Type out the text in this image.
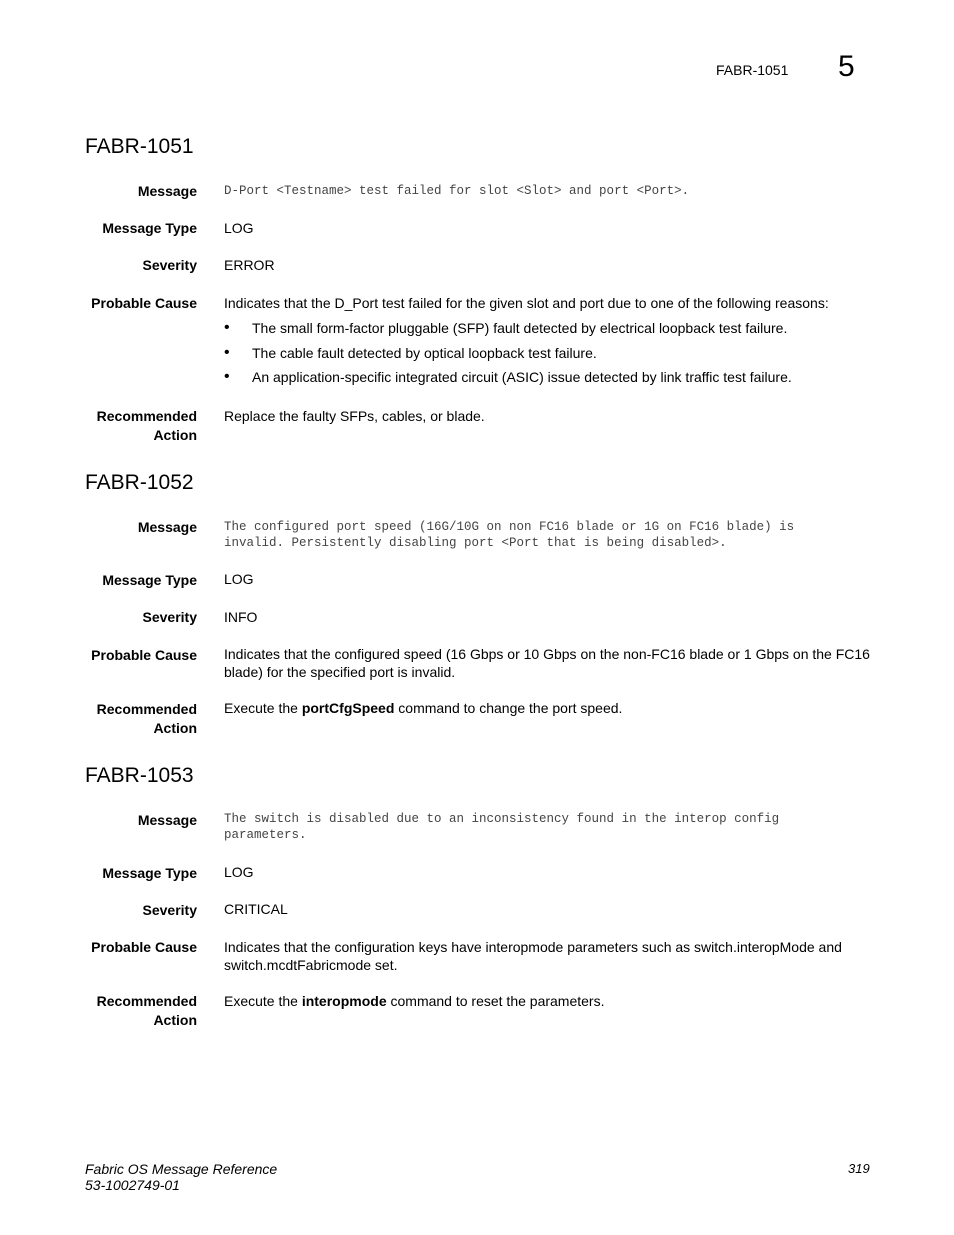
FABR-1051 5
FABR-1051
Message D-Port <Testname> test failed for slot <Slot> and port <Port>.
Message Type LOG
Severity ERROR
Probable Cause Indicates that the D_Port test failed for the given slot and port due to one of the following reasons:
• The small form-factor pluggable (SFP) fault detected by electrical loopback test failure.
• The cable fault detected by optical loopback test failure.
• An application-specific integrated circuit (ASIC) issue detected by link traffic test failure.
Recommended
Action
Replace the faulty SFPs, cables, or blade.
FABR-1052
Message The configured port speed (16G/10G on non FC16 blade or 1G on FC16 blade) is
invalid. Persistently disabling port <Port that is being disabled>.
Message Type LOG
Severity INFO
Probable Cause Indicates that the configured speed (16 Gbps or 10 Gbps on the non-FC16 blade or 1 Gbps on the FC16 blade) for the specified port is invalid.
Recommended
Action
Execute the portCfgSpeed command to change the port speed.
FABR-1053
Message The switch is disabled due to an inconsistency found in the interop config
parameters.
Message Type LOG
Severity CRITICAL
Probable Cause Indicates that the configuration keys have interopmode parameters such as switch.interopMode and switch.mcdtFabricmode set.
Recommended
Action
Execute the interopmode command to reset the parameters.
Fabric OS Message Reference
53-1002749-01
319
